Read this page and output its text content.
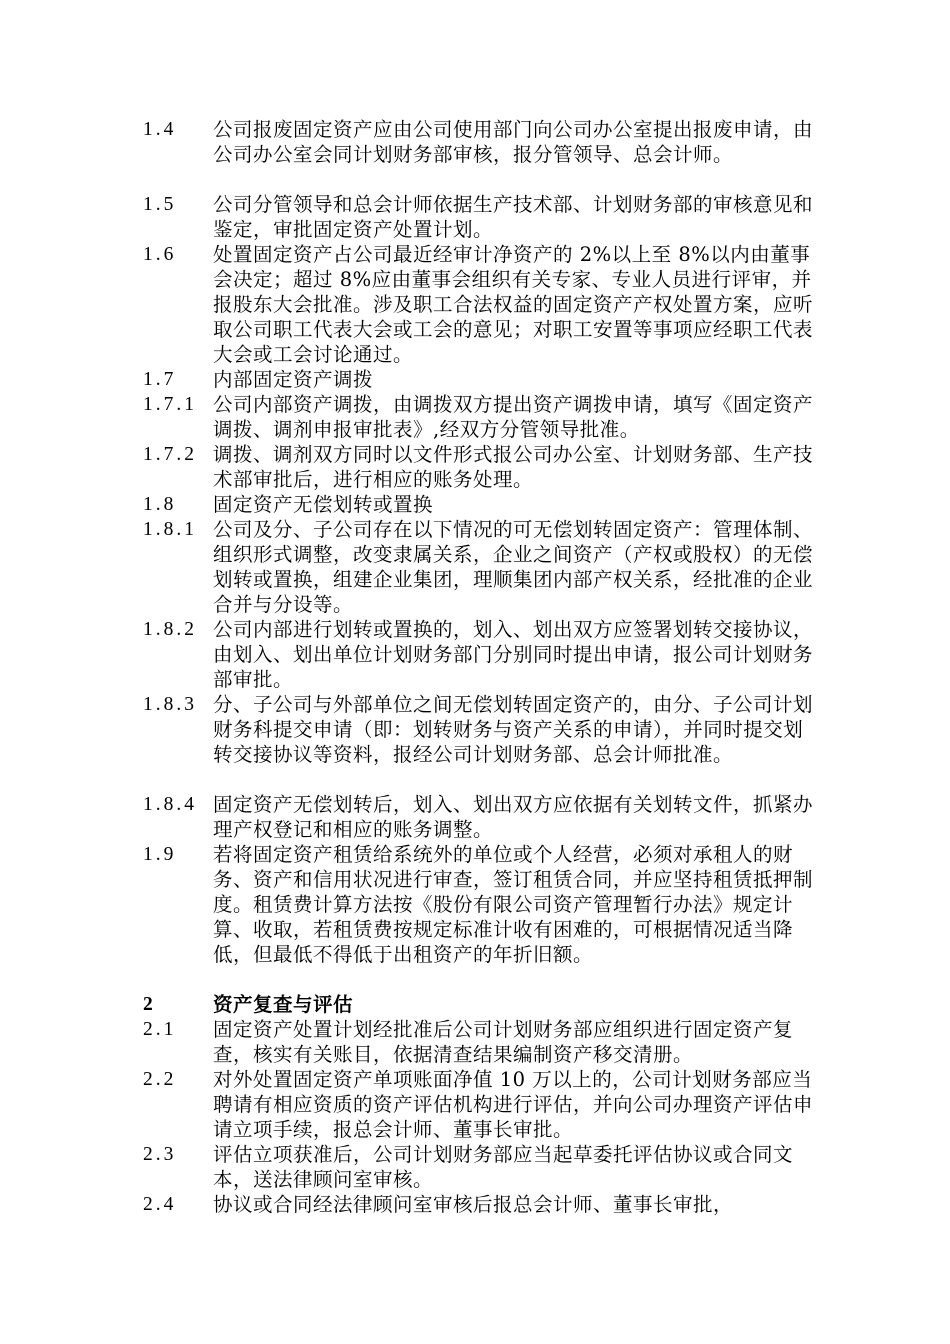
1.4	公司报废固定资产应由公司使用部门向公司办公室提出报废申请，由公司办公室会同计划财务部审核，报分管领导、总会计师。
1.5	公司分管领导和总会计师依据生产技术部、计划财务部的审核意见和鉴定，审批固定资产处置计划。
1.6	处置固定资产占公司最近经审计净资产的 2%以上至 8%以内由董事会决定；超过 8%应由董事会组织有关专家、专业人员进行评审，并报股东大会批准。涉及职工合法权益的固定资产产权处置方案，应听取公司职工代表大会或工会的意见；对职工安置等事项应经职工代表大会或工会讨论通过。
1.7	内部固定资产调拨
1.7.1 公司内部资产调拨，由调拨双方提出资产调拨申请，填写《固定资产调拨、调剂申报审批表》,经双方分管领导批准。
1.7.2 调拨、调剂双方同时以文件形式报公司办公室、计划财务部、生产技术部审批后，进行相应的账务处理。
1.8	固定资产无偿划转或置换
1.8.1 公司及分、子公司存在以下情况的可无偿划转固定资产：管理体制、组织形式调整，改变隶属关系，企业之间资产（产权或股权）的无偿划转或置换，组建企业集团，理顺集团内部产权关系，经批准的企业合并与分设等。
1.8.2 公司内部进行划转或置换的，划入、划出双方应签署划转交接协议，由划入、划出单位计划财务部门分别同时提出申请，报公司计划财务部审批。
1.8.3 分、子公司与外部单位之间无偿划转固定资产的，由分、子公司计划财务科提交申请（即：划转财务与资产关系的申请），并同时提交划转交接协议等资料，报经公司计划财务部、总会计师批准。
1.8.4 固定资产无偿划转后，划入、划出双方应依据有关划转文件，抓紧办理产权登记和相应的账务调整。
1.9	若将固定资产租赁给系统外的单位或个人经营，必须对承租人的财务、资产和信用状况进行审查，签订租赁合同，并应坚持租赁抵押制度。租赁费计算方法按《股份有限公司资产管理暂行办法》规定计算、收取，若租赁费按规定标准计收有困难的，可根据情况适当降低，但最低不得低于出租资产的年折旧额。
2	资产复查与评估
2.1	固定资产处置计划经批准后公司计划财务部应组织进行固定资产复查，核实有关账目，依据清查结果编制资产移交清册。
2.2	对外处置固定资产单项账面净值 10 万以上的，公司计划财务部应当聘请有相应资质的资产评估机构进行评估，并向公司办理资产评估申请立项手续，报总会计师、董事长审批。
2.3	评估立项获准后，公司计划财务部应当起草委托评估协议或合同文本，送法律顾问室审核。
2.4	协议或合同经法律顾问室审核后报总会计师、董事长审批，
